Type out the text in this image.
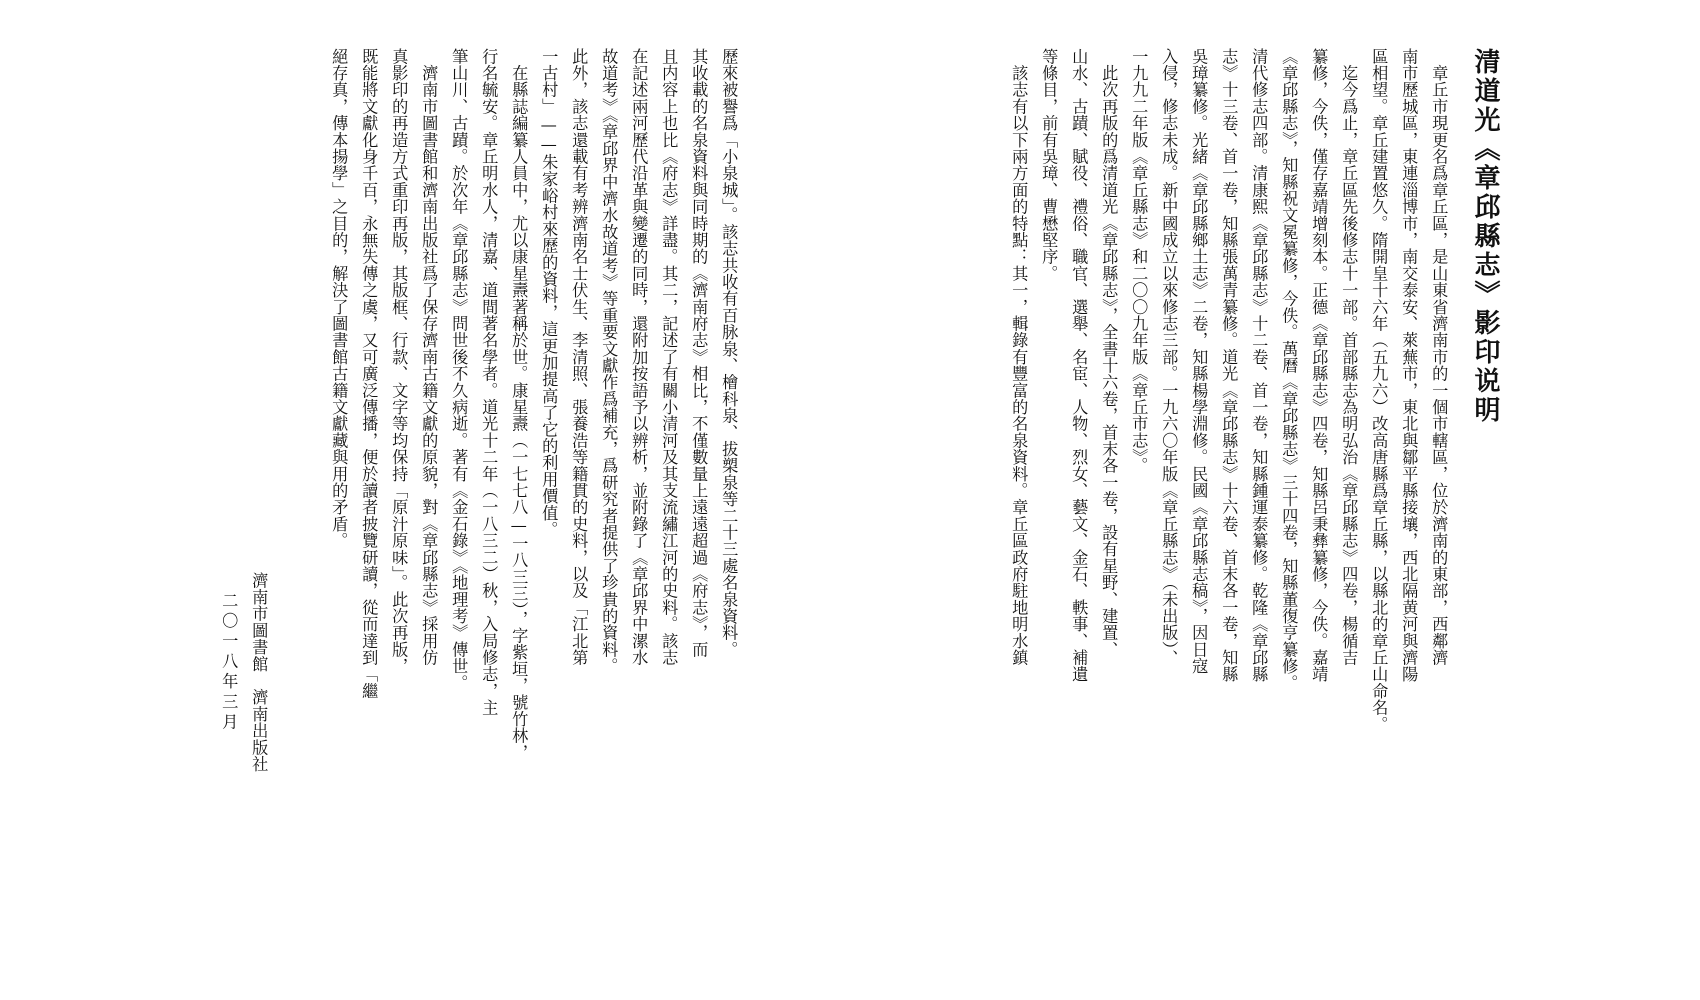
清道光《章邱縣志》影印说明
　章丘市現更名爲章丘區，是山東省濟南市的一個市轄區，位於濟南的東部，西鄰濟
南市歷城區，東連淄博市，南交泰安、萊蕪市，東北與鄒平縣接壤，西北隔黄河與濟陽
區相望。章丘建置悠久。隋開皇十六年（五九六）改高唐縣爲章丘縣，以縣北的章丘山命名。
　迄今爲止，章丘區先後修志十一部。首部縣志為明弘治《章邱縣志》四卷，楊循吉
纂修，今佚，僅存嘉靖增刻本。正德《章邱縣志》四卷，知縣呂秉彝纂修，今佚。嘉靖
《章邱縣志》，知縣祝文冕纂修，今佚。萬曆《章邱縣志》三十四卷，知縣董復亨纂修。
清代修志四部。清康熙《章邱縣志》十二卷、首一卷，知縣鍾運泰纂修。乾隆《章邱縣
志》十三卷、首一卷，知縣張萬青纂修。道光《章邱縣志》十六卷、首末各一卷，知縣
吳璋纂修。光緒《章邱縣鄉土志》二卷，知縣楊學淵修。民國《章邱縣志稿》，因日寇
入侵，修志未成。新中國成立以來修志三部。一九六〇年版《章丘縣志》（未出版）、
一九九二年版《章丘縣志》和二〇〇九年版《章丘市志》。
　此次再版的爲清道光《章邱縣志》，全書十六卷，首末各一卷，設有星野、建置、
山水、古蹟、賦役、禮俗、職官、選舉、名宦、人物、烈女、藝文、金石、軼事、補遺
等條目，前有吳璋、曹懋堅序。
　該志有以下兩方面的特點：其一，輯錄有豐富的名泉資料。章丘區政府駐地明水鎮
歷來被譽爲「小泉城」。該志共收有百脉泉、檜科泉、拔槊泉等二十三處名泉資料。
其收載的名泉資料與同時期的《濟南府志》相比，不僅數量上遠遠超過《府志》，而
且内容上也比《府志》詳盡。其二，記述了有關小清河及其支流繡江河的史料。該志
在記述兩河歷代沿革與變遷的同時，還附加按語予以辨析，並附錄了《章邱界中漯水
故道考》《章邱界中濟水故道考》等重要文獻作爲補充，爲研究者提供了珍貴的資料。
此外，該志還載有考辨濟南名士伏生、李清照、張養浩等籍貫的史料，以及「江北第
一古村」——朱家峪村來歷的資料，這更加提高了它的利用價值。
　在縣誌編纂人員中，尤以康星燾著稱於世。康星燾（一七七八—一八三三），字紫垣，號竹林，
行名毓安。章丘明水人，清嘉、道間著名學者。道光十二年（一八三二）秋，入局修志，主
筆山川、古蹟。於次年《章邱縣志》問世後不久病逝。著有《金石錄》《地理考》傳世。
　濟南市圖書館和濟南出版社爲了保存濟南古籍文獻的原貌，對《章邱縣志》採用仿
真影印的再造方式重印再版，其版框、行款、文字等均保持「原汁原味」。此次再版，
既能將文獻化身千百，永無失傳之虞，又可廣泛傳播，便於讀者披覽研讀，從而達到「繼
絕存真，傳本揚學」之目的，解決了圖書館古籍文獻藏與用的矛盾。
濟南市圖書館　濟南出版社
二〇一八年三月
